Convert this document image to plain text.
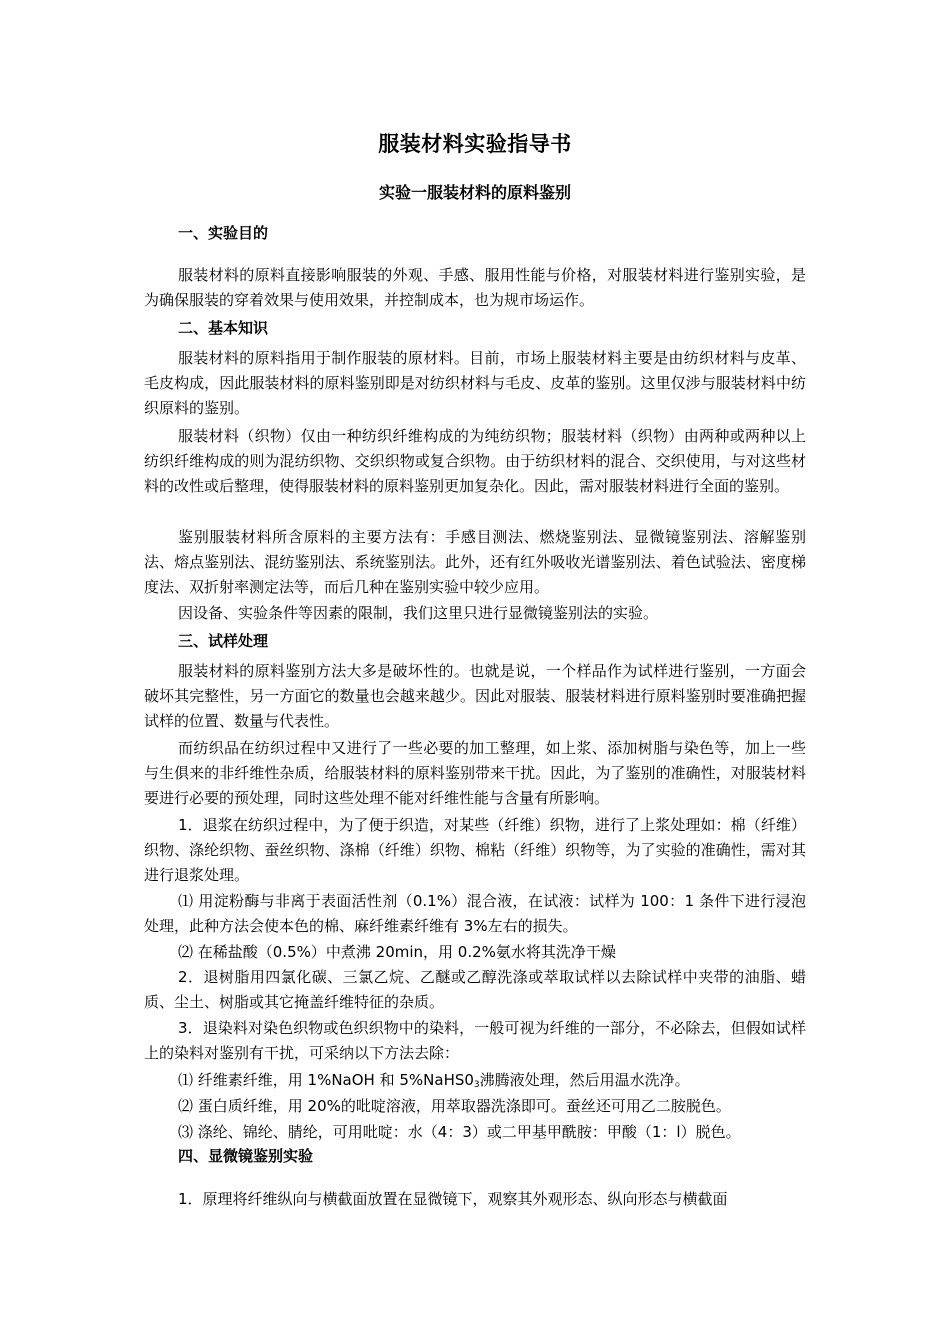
服装材料实验指导书
实验一服装材料的原料鉴别
一、实验目的
服装材料的原料直接影响服装的外观、手感、服用性能与价格，对服装材料进行鉴别实验，是为确保服装的穿着效果与使用效果，并控制成本，也为规市场运作。
二、基本知识
服装材料的原料指用于制作服装的原材料。目前，市场上服装材料主要是由纺织材料与皮革、毛皮构成，因此服装材料的原料鉴别即是对纺织材料与毛皮、皮革的鉴别。这里仅涉与服装材料中纺织原料的鉴别。
服装材料（织物）仅由一种纺织纤维构成的为纯纺织物；服装材料（织物）由两种或两种以上纺织纤维构成的则为混纺织物、交织织物或复合织物。由于纺织材料的混合、交织使用，与对这些材料的改性或后整理，使得服装材料的原料鉴别更加复杂化。因此，需对服装材料进行全面的鉴别。
鉴别服装材料所含原料的主要方法有：手感目测法、燃烧鉴别法、显微镜鉴别法、溶解鉴别法、熔点鉴别法、混纺鉴别法、系统鉴别法。此外，还有红外吸收光谱鉴别法、着色试验法、密度梯度法、双折射率测定法等，而后几种在鉴别实验中较少应用。
因设备、实验条件等因素的限制，我们这里只进行显微镜鉴别法的实验。
三、试样处理
服装材料的原料鉴别方法大多是破坏性的。也就是说，一个样品作为试样进行鉴别，一方面会破坏其完整性，另一方面它的数量也会越来越少。因此对服装、服装材料进行原料鉴别时要准确把握试样的位置、数量与代表性。
而纺织品在纺织过程中又进行了一些必要的加工整理，如上浆、添加树脂与染色等，加上一些与生俱来的非纤维性杂质，给服装材料的原料鉴别带来干扰。因此，为了鉴别的准确性，对服装材料要进行必要的预处理，同时这些处理不能对纤维性能与含量有所影响。
1．退浆在纺织过程中，为了便于织造，对某些（纤维）织物，进行了上浆处理如：棉（纤维）织物、涤纶织物、蚕丝织物、涤棉（纤维）织物、棉粘（纤维）织物等，为了实验的准确性，需对其进行退浆处理。
⑴ 用淀粉酶与非离于表面活性剂（0.1%）混合液，在试液：试样为 100：1 条件下进行浸泡处理，此种方法会使本色的棉、麻纤维素纤维有 3%左右的损失。
⑵ 在稀盐酸（0.5%）中煮沸 20min，用 0.2%氨水将其洗净干燥
2．退树脂用四氯化碳、三氯乙烷、乙醚或乙醇洗涤或萃取试样以去除试样中夹带的油脂、蜡质、尘土、树脂或其它掩盖纤维特征的杂质。
3．退染料对染色织物或色织织物中的染料，一般可视为纤维的一部分，不必除去，但假如试样上的染料对鉴别有干扰，可采纳以下方法去除：
⑴ 纤维素纤维，用 1%NaOH 和 $5\%NaHS0_3$沸腾液处理，然后用温水洗净。
⑵ 蛋白质纤维，用 20%的吡啶溶液，用萃取器洗涤即可。蚕丝还可用乙二胺脱色。
⑶ 涤纶、锦纶、腈纶，可用吡啶：水（4：3）或二甲基甲酰胺：甲酸（1：l）脱色。
四、显微镜鉴别实验
1．原理将纤维纵向与横截面放置在显微镜下，观察其外观形态、纵向形态与横截面
